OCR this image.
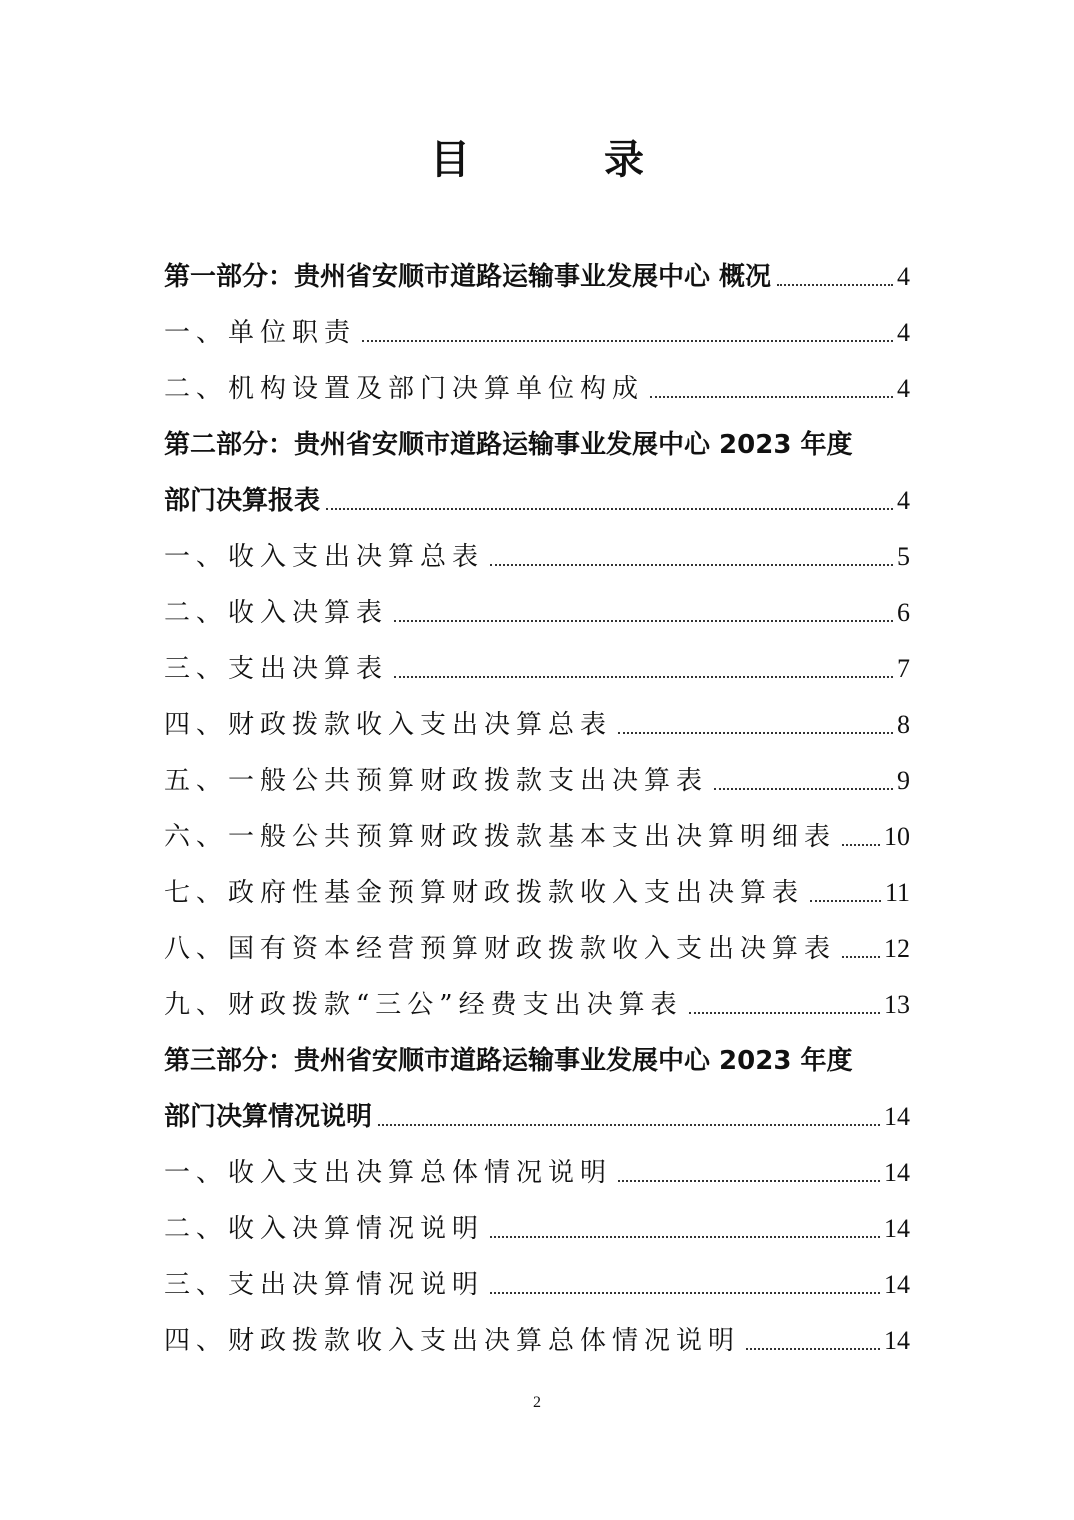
目 录
第一部分：贵州省安顺市道路运输事业发展中心 概况	4
一、单位职责	4
二、机构设置及部门决算单位构成	4
第二部分：贵州省安顺市道路运输事业发展中心 2023 年度
部门决算报表	4
一、收入支出决算总表	5
二、收入决算表	6
三、支出决算表	7
四、财政拨款收入支出决算总表	8
五、一般公共预算财政拨款支出决算表	9
六、一般公共预算财政拨款基本支出决算明细表 10
七、政府性基金预算财政拨款收入支出决算表	11
八、国有资本经营预算财政拨款收入支出决算表 12
九、财政拨款“三公”经费支出决算表	13
第三部分：贵州省安顺市道路运输事业发展中心 2023 年度
部门决算情况说明	14
一、收入支出决算总体情况说明	14
二、收入决算情况说明	14
三、支出决算情况说明	14
四、财政拨款收入支出决算总体情况说明	14
2
